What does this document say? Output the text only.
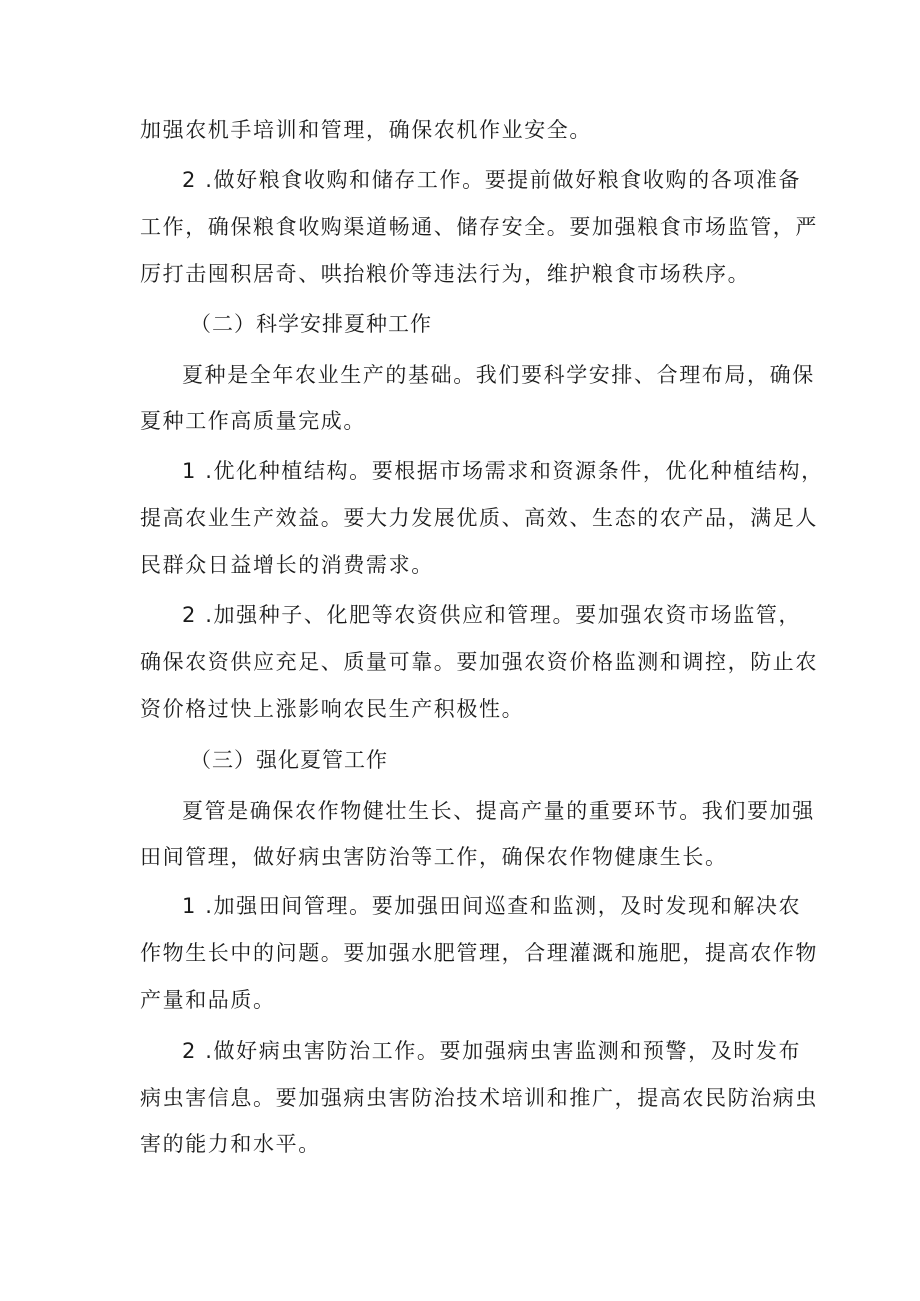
加强农机手培训和管理，确保农机作业安全。
2 .做好粮食收购和储存工作。要提前做好粮食收购的各项准备
工作，确保粮食收购渠道畅通、储存安全。要加强粮食市场监管，严
厉打击囤积居奇、哄抬粮价等违法行为，维护粮食市场秩序。
（二）科学安排夏种工作
夏种是全年农业生产的基础。我们要科学安排、合理布局，确保
夏种工作高质量完成。
1 .优化种植结构。要根据市场需求和资源条件，优化种植结构，
提高农业生产效益。要大力发展优质、高效、生态的农产品，满足人
民群众日益增长的消费需求。
2 .加强种子、化肥等农资供应和管理。要加强农资市场监管，
确保农资供应充足、质量可靠。要加强农资价格监测和调控，防止农
资价格过快上涨影响农民生产积极性。
（三）强化夏管工作
夏管是确保农作物健壮生长、提高产量的重要环节。我们要加强
田间管理，做好病虫害防治等工作，确保农作物健康生长。
1 .加强田间管理。要加强田间巡查和监测，及时发现和解决农
作物生长中的问题。要加强水肥管理，合理灌溉和施肥，提高农作物
产量和品质。
2 .做好病虫害防治工作。要加强病虫害监测和预警，及时发布
病虫害信息。要加强病虫害防治技术培训和推广，提高农民防治病虫
害的能力和水平。
